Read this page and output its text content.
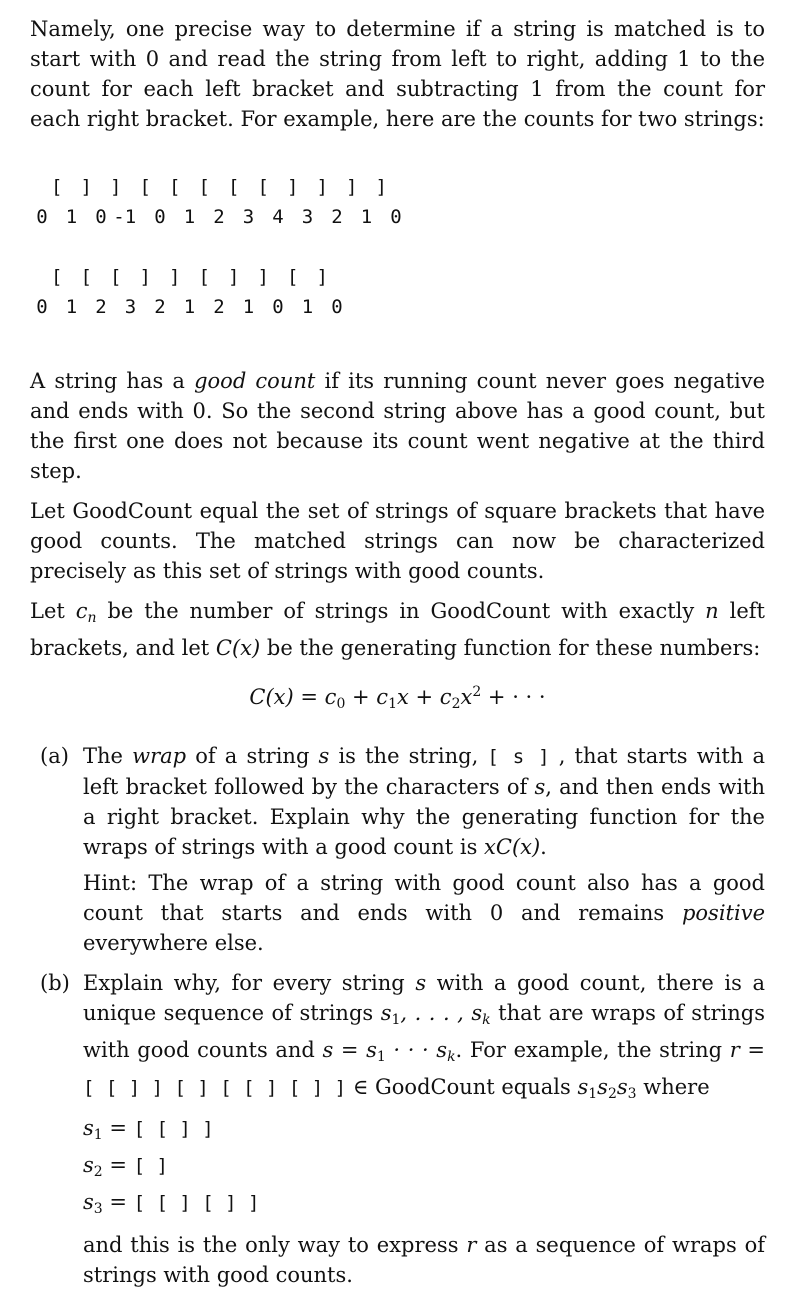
Namely, one precise way to determine if a string is matched is to start with 0 and read the string from left to right, adding 1 to the count for each left bracket and subtracting 1 from the count for each right bracket. For example, here are the counts for two strings:

[ ] ] [ [ [ [ [ ] ] ] ]
0 1 0 -1 0 1 2 3 4 3 2 1 0
[ [ [ ] ] [ ] ] [ ]
0 1 2 3 2 1 2 1 0 1 0

A string has a good count if its running count never goes negative and ends with 0. So the second string above has a good count, but the first one does not because its count went negative at the third step.

Let GoodCount equal the set of strings of square brackets that have good counts. The matched strings can now be characterized precisely as this set of strings with good counts.

Let $c_n$ be the number of strings in GoodCount with exactly n left brackets, and let C(x) be the generating function for these numbers:

$C(x) = c_0 + c_1x + c_2x^2$ + · · ·
(a) The wrap of a string s is the string, [ s ] , that starts with a left bracket followed by the characters of s, and then ends with a right bracket. Explain why the generating function for the wraps of strings with a good count is xC(x).

Hint: The wrap of a string with good count also has a good count that starts and ends with 0 and remains positive everywhere else.

(b) Explain why, for every string s with a good count, there is a unique sequence of strings $s_1$, . . . , $s_k$ that are wraps of strings with good counts and $s = s_1$ · · · $s_k$. For example, the string r = [ [ ] ] [ ] [ [ ] [ ] ] ∈ GoodCount equals $s_1s_2s_3$ where

$s_1$ = [ [ ] ]

$s_2$ = [ ]

$s_3$ = [ [ ] [ ] ]

and this is the only way to express r as a sequence of wraps of strings with good counts.
